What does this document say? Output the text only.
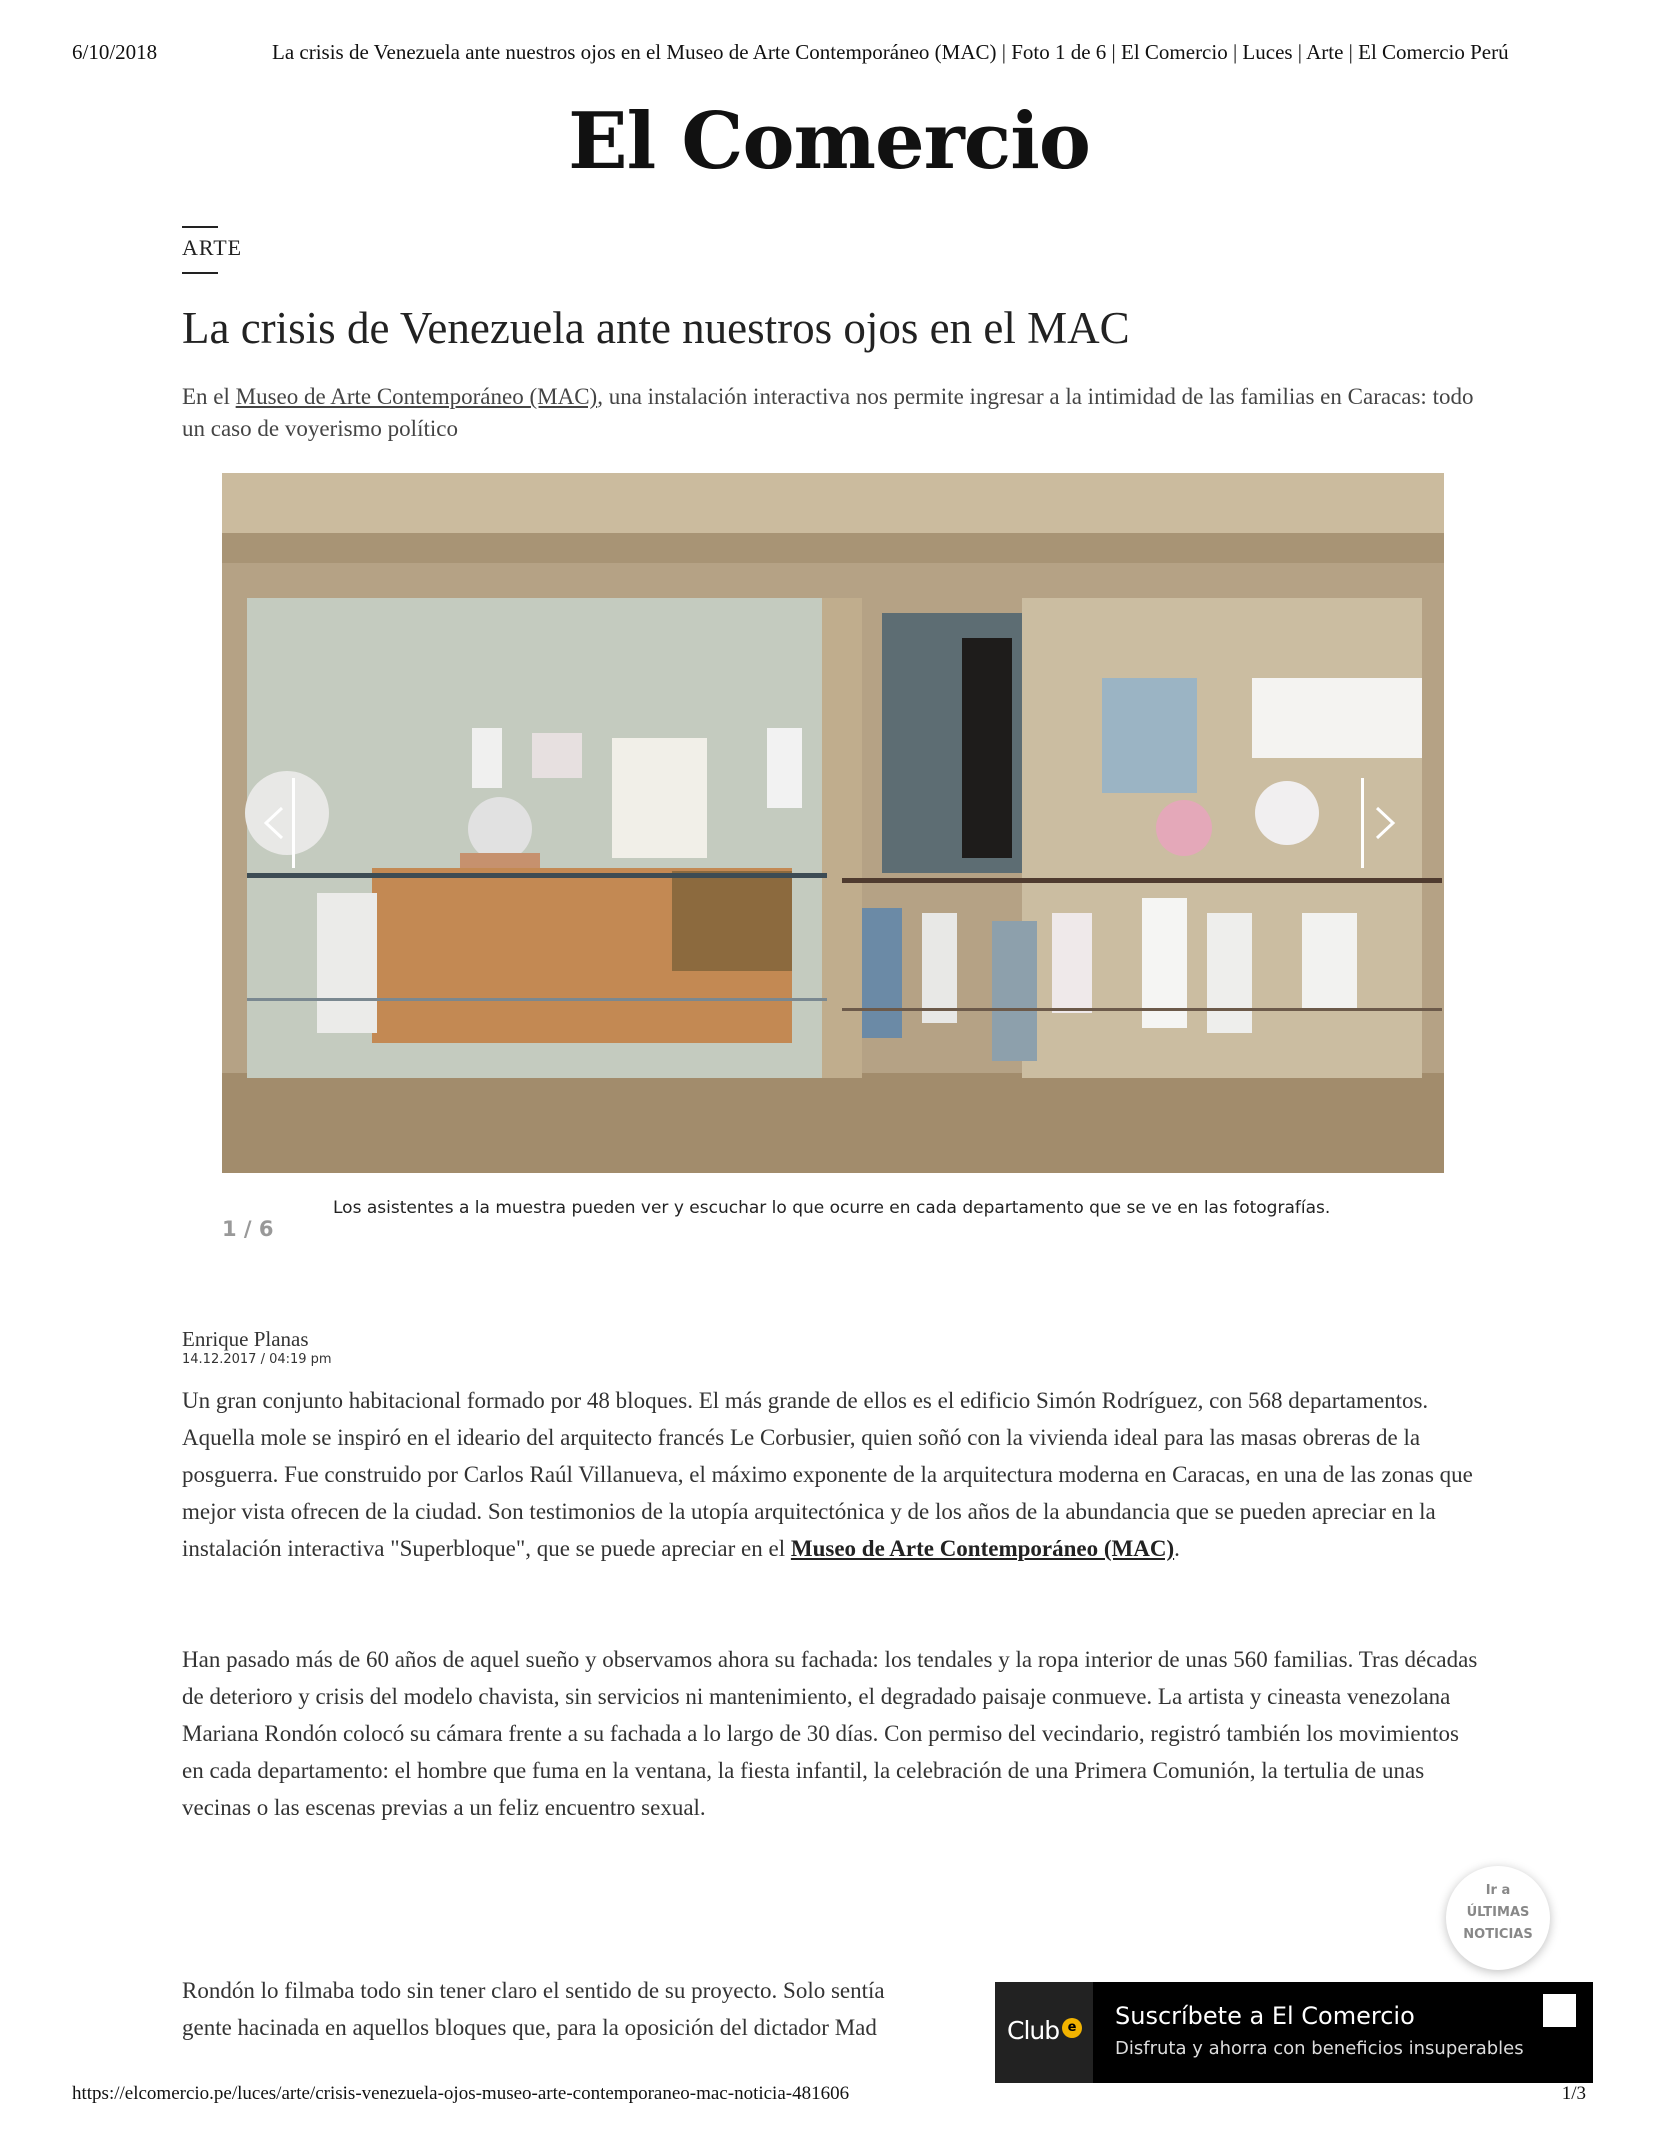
6/10/2018	La crisis de Venezuela ante nuestros ojos en el Museo de Arte Contemporáneo (MAC) | Foto 1 de 6 | El Comercio | Luces | Arte | El Comercio Perú
El Comercio
ARTE
La crisis de Venezuela ante nuestros ojos en el MAC

En el Museo de Arte Contemporáneo (MAC), una instalación interactiva nos permite ingresar a la intimidad de las familias en Caracas: todo un caso de voyerismo político

Los asistentes a la muestra pueden ver y escuchar lo que ocurre en cada departamento que se ve en las fotografías.
1 / 6
Enrique Planas
14.12.2017 / 04:19 pm

Un gran conjunto habitacional formado por 48 bloques. El más grande de ellos es el edificio Simón Rodríguez, con 568 departamentos. Aquella mole se inspiró en el ideario del arquitecto francés Le Corbusier, quien soñó con la vivienda ideal para las masas obreras de la posguerra. Fue construido por Carlos Raúl Villanueva, el máximo exponente de la arquitectura moderna en Caracas, en una de las zonas que mejor vista ofrecen de la ciudad. Son testimonios de la utopía arquitectónica y de los años de la abundancia que se pueden apreciar en la instalación interactiva "Superbloque", que se puede apreciar en el Museo de Arte Contemporáneo (MAC).

Han pasado más de 60 años de aquel sueño y observamos ahora su fachada: los tendales y la ropa interior de unas 560 familias. Tras décadas de deterioro y crisis del modelo chavista, sin servicios ni mantenimiento, el degradado paisaje conmueve. La artista y cineasta venezolana Mariana Rondón colocó su cámara frente a su fachada a lo largo de 30 días. Con permiso del vecindario, registró también los movimientos en cada departamento: el hombre que fuma en la ventana, la fiesta infantil, la celebración de una Primera Comunión, la tertulia de unas vecinas o las escenas previas a un feliz encuentro sexual.

Rondón lo filmaba todo sin tener claro el sentido de su proyecto. Solo sentía
gente hacinada en aquellos bloques que, para la oposición del dictador Mad

Ir a
ÚLTIMAS
NOTICIAS
Club e Suscríbete a El Comercio
Disfruta y ahorra con beneficios insuperables
https://elcomercio.pe/luces/arte/crisis-venezuela-ojos-museo-arte-contemporaneo-mac-noticia-481606	1/3
